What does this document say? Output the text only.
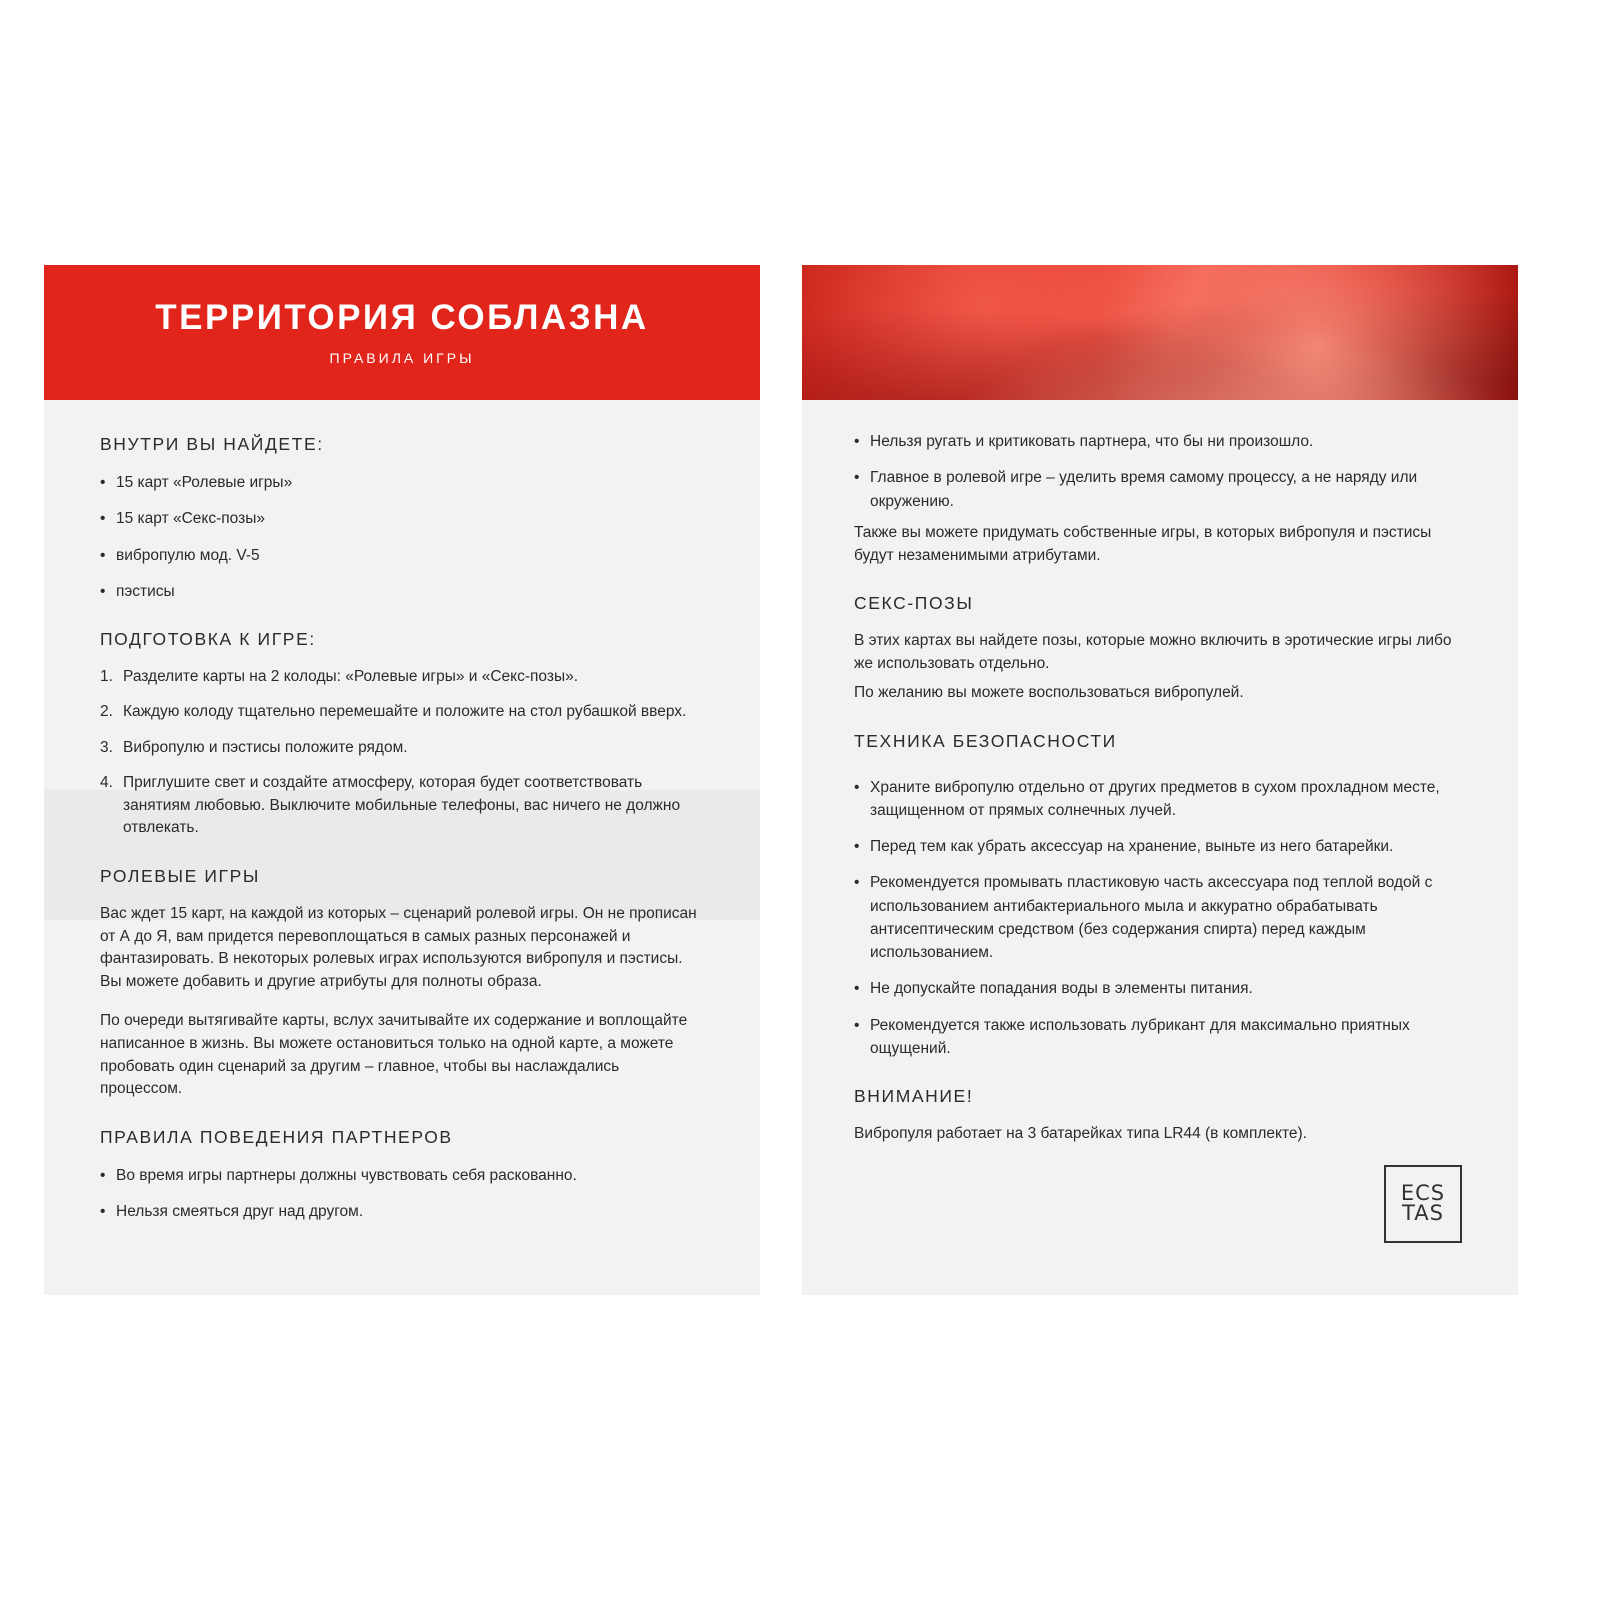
ТЕРРИТОРИЯ СОБЛАЗНА
ПРАВИЛА ИГРЫ
ВНУТРИ ВЫ НАЙДЕТЕ:
• 15 карт «Ролевые игры»
• 15 карт «Секс-позы»
• вибропулю мод. V-5
• пэстисы
ПОДГОТОВКА К ИГРЕ:
Разделите карты на 2 колоды: «Ролевые игры» и «Секс-позы».
Каждую колоду тщательно перемешайте и положите на стол рубашкой вверх.
Вибропулю и пэстисы положите рядом.
Приглушите свет и создайте атмосферу, которая будет соответствовать занятиям любовью. Выключите мобильные телефоны, вас ничего не должно отвлекать.
РОЛЕВЫЕ ИГРЫ

Вас ждет 15 карт, на каждой из которых – сценарий ролевой игры. Он не прописан от А до Я, вам придется перевоплощаться в самых разных персонажей и фантазировать. В некоторых ролевых играх используются вибропуля и пэстисы. Вы можете добавить и другие атрибуты для полноты образа.

По очереди вытягивайте карты, вслух зачитывайте их содержание и воплощайте написанное в жизнь. Вы можете остановиться только на одной карте, а можете пробовать один сценарий за другим – главное, чтобы вы наслаждались процессом.

ПРАВИЛА ПОВЕДЕНИЯ ПАРТНЕРОВ
• Во время игры партнеры должны чувствовать себя раскованно.
• Нельзя смеяться друг над другом.
• Нельзя ругать и критиковать партнера, что бы ни произошло.
• Главное в ролевой игре – уделить время самому процессу, а не наряду или окружению.

Также вы можете придумать собственные игры, в которых вибропуля и пэстисы будут незаменимыми атрибутами.

СЕКС-ПОЗЫ

В этих картах вы найдете позы, которые можно включить в эротические игры либо же использовать отдельно.

По желанию вы можете воспользоваться вибропулей.

ТЕХНИКА БЕЗОПАСНОСТИ
• Храните вибропулю отдельно от других предметов в сухом прохладном месте, защищенном от прямых солнечных лучей.
• Перед тем как убрать аксессуар на хранение, выньте из него батарейки.
• Рекомендуется промывать пластиковую часть аксессуара под теплой водой с использованием антибактериального мыла и аккуратно обрабатывать антисептическим средством (без содержания спирта) перед каждым использованием.
• Не допускайте попадания воды в элементы питания.
• Рекомендуется также использовать лубрикант для максимально приятных ощущений.
ВНИМАНИЕ!

Вибропуля работает на 3 батарейках типа LR44 (в комплекте).

ECS
TAS
